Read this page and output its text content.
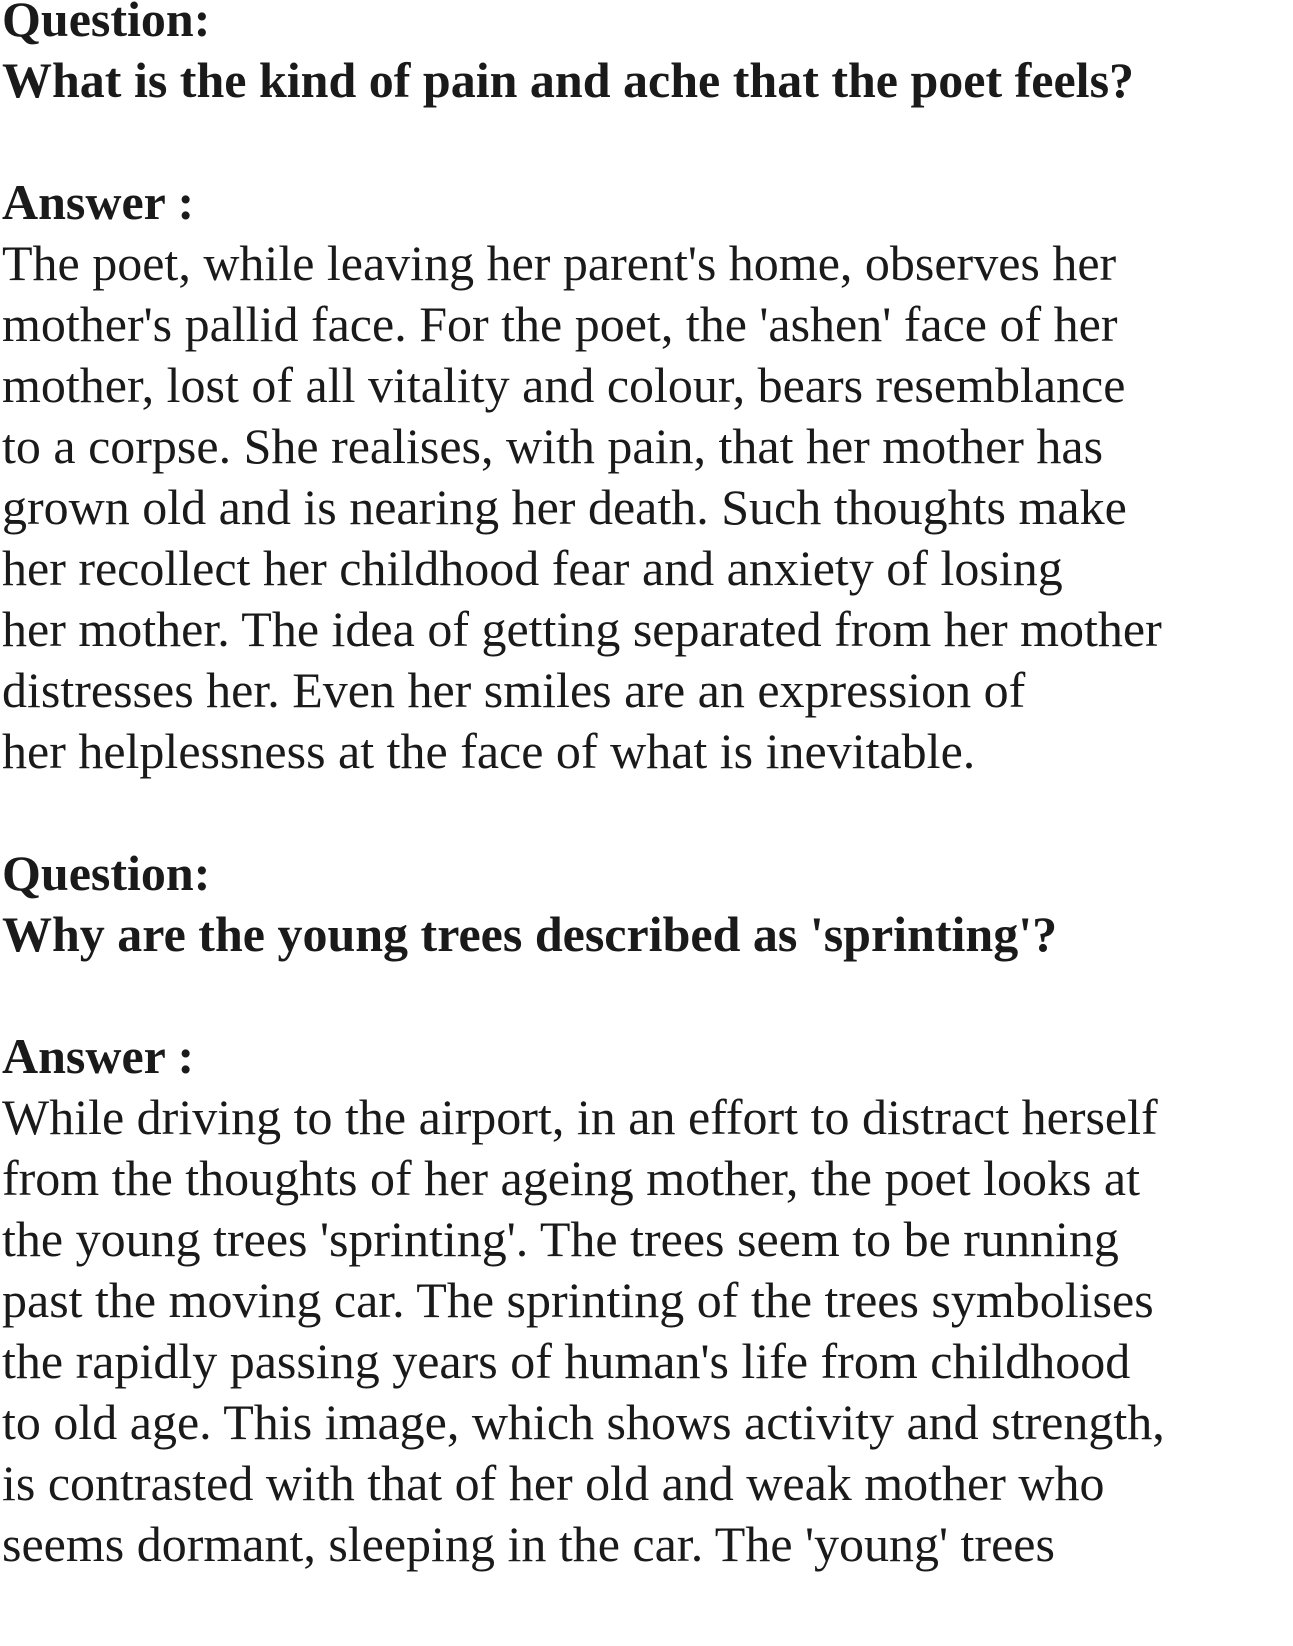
Question:
What is the kind of pain and ache that the poet feels?
Answer :
The poet, while leaving her parent's home, observes her
mother's pallid face. For the poet, the 'ashen' face of her
mother, lost of all vitality and colour, bears resemblance
to a corpse. She realises, with pain, that her mother has
grown old and is nearing her death. Such thoughts make
her recollect her childhood fear and anxiety of losing
her mother. The idea of getting separated from her mother
distresses her. Even her smiles are an expression of
her helplessness at the face of what is inevitable.
Question:
Why are the young trees described as 'sprinting'?
Answer :
While driving to the airport, in an effort to distract herself
from the thoughts of her ageing mother, the poet looks at
the young trees 'sprinting'. The trees seem to be running
past the moving car. The sprinting of the trees symbolises
the rapidly passing years of human's life from childhood
to old age. This image, which shows activity and strength,
is contrasted with that of her old and weak mother who
seems dormant, sleeping in the car. The 'young' trees
